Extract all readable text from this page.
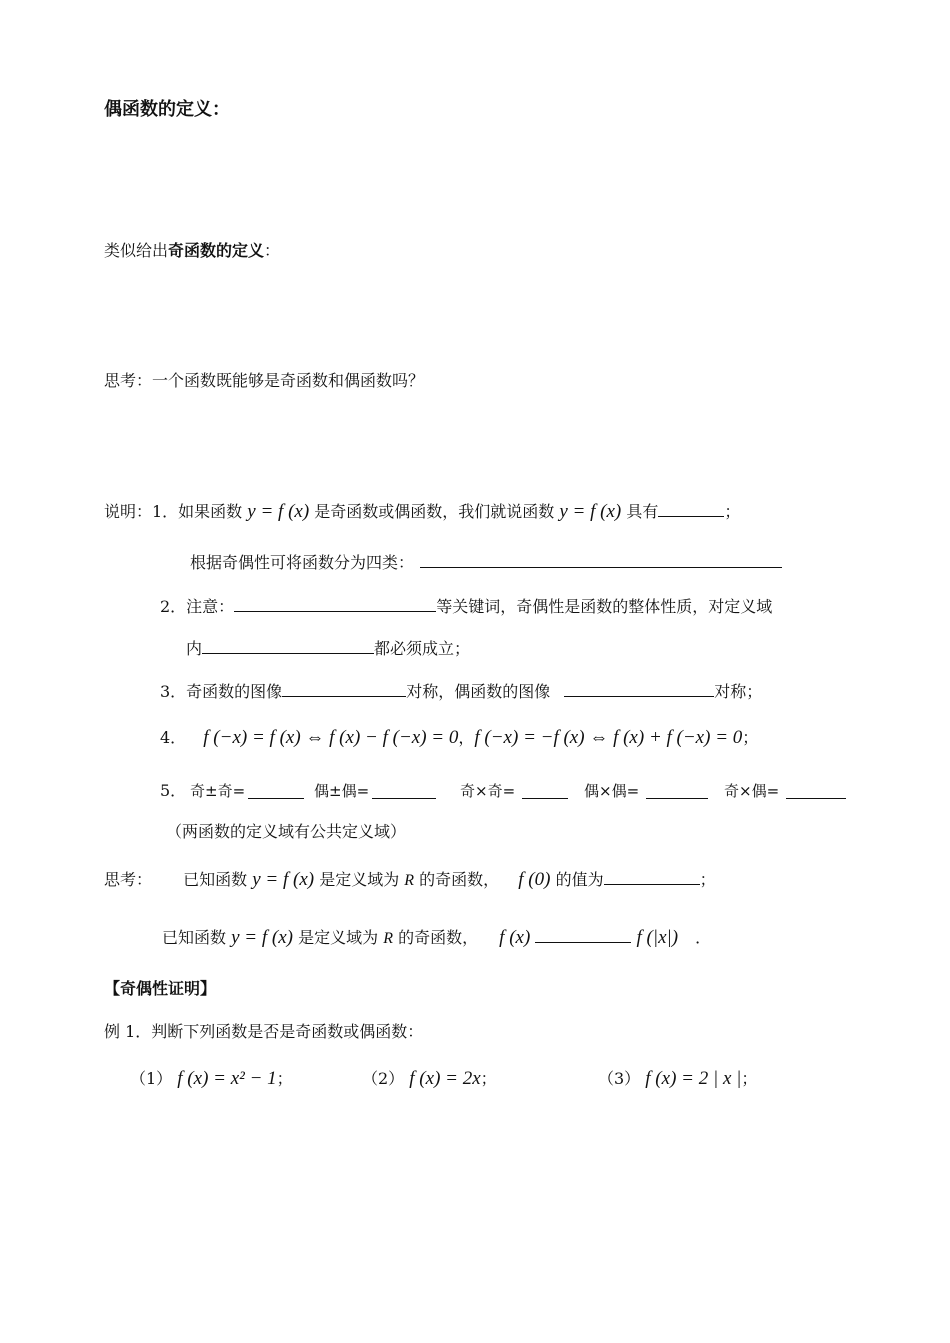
偶函数的定义：
类似给出奇函数的定义：
思考：一个函数既能够是奇函数和偶函数吗？
说明：1．如果函数 y = f (x) 是奇函数或偶函数，我们就说函数 y = f (x) 具有	；
根据奇偶性可将函数分为四类：
2．注意：	等关键词，奇偶性是函数的整体性质，对定义域
内	都必须成立；
3．奇函数的图像	对称，偶函数的图像	对称；
4． f (−x) = f (x) ⇔ f (x) − f (−x) = 0，f (−x) = −f (x) ⇔ f (x) + f (−x) = 0；
5． 奇±奇=	偶±偶=	奇×奇=	偶×偶=	奇×偶=
（两函数的定义域有公共定义域）
思考： 已知函数 y = f (x) 是定义域为 R 的奇函数， f (0) 的值为	；
已知函数 y = f (x) 是定义域为 R 的奇函数， f (x)	f (|x|) ．
【奇偶性证明】
例 1．判断下列函数是否是奇函数或偶函数：
（1） f (x) = x² − 1；	（2） f (x) = 2x；	（3） f (x) = 2 | x |；
